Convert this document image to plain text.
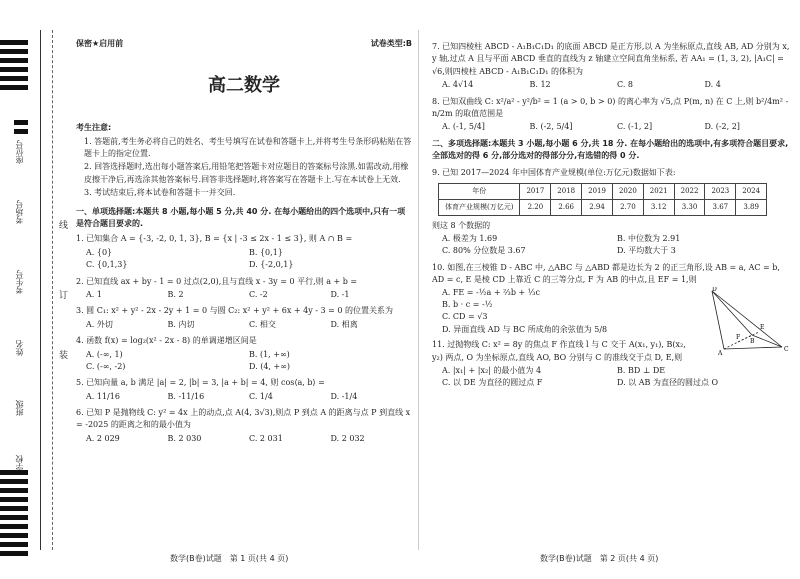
座位号
考场号
考生号
姓名
班级
学校
线
订
装
保密★启用前	试卷类型:B
高二数学
考生注意:

1. 答题前,考生务必将自己的姓名、考生号填写在试卷和答题卡上,并将考生号条形码粘贴在答题卡上的指定位置.

2. 回答选择题时,选出每小题答案后,用铅笔把答题卡对应题目的答案标号涂黑.如需改动,用橡皮擦干净后,再选涂其他答案标号.回答非选择题时,将答案写在答题卡上.写在本试卷上无效.

3. 考试结束后,将本试卷和答题卡一并交回.

一、单项选择题:本题共 8 小题,每小题 5 分,共 40 分. 在每小题给出的四个选项中,只有一项是符合题目要求的.
1. 已知集合 A = {-3, -2, 0, 1, 3}, B = {x | -3 ≤ 2x - 1 ≤ 3}, 则 A ∩ B =
A. {0}	B. {0,1}
C. {0,1,3}	D. {-2,0,1}
2. 已知直线 ax + by - 1 = 0 过点(2,0),且与直线 x - 3y = 0 平行,则 a + b =
A. 1	B. 2	C. -2	D. -1
3. 圆 C₁: x² + y² - 2x - 2y + 1 = 0 与圆 C₂: x² + y² + 6x + 4y - 3 = 0 的位置关系为
A. 外切	B. 内切	C. 相交	D. 相离
4. 函数 f(x) = log₂(x² - 2x - 8) 的单调递增区间是
A. (-∞, 1)	B. (1, +∞)
C. (-∞, -2)	D. (4, +∞)
5. 已知向量 a, b 满足 |a| = 2, |b| = 3, |a + b| = 4, 则 cos⟨a, b⟩ =
A. 11/16	B. -11/16	C. 1/4	D. -1/4
6. 已知 P 是抛物线 C: y² = 4x 上的动点,点 A(4, 3√3),则点 P 到点 A 的距离与点 P 到直线 x = -2025 的距离之和的最小值为
A. 2 029	B. 2 030	C. 2 031	D. 2 032
7. 已知四棱柱 ABCD - A₁B₁C₁D₁ 的底面 ABCD 是正方形,以 A 为坐标原点,直线 AB, AD 分别为 x, y 轴,过点 A 且与平面 ABCD 垂直的直线为 z 轴建立空间直角坐标系, 若 AA₁ = (1, 3, 2), |A₁C| = √6,则四棱柱 ABCD - A₁B₁C₁D₁ 的体积为
A. 4√14	B. 12	C. 8	D. 4
8. 已知双曲线 C: x²/a² - y²/b² = 1 (a > 0, b > 0) 的离心率为 √5,点 P(m, n) 在 C 上,则 b²/4m² - n/2m 的取值范围是
A. (-1, 5/4]	B. (-2, 5/4]	C. (-1, 2]	D. (-2, 2]
二、多项选择题:本题共 3 小题,每小题 6 分,共 18 分. 在每小题给出的选项中,有多项符合题目要求,全部选对的得 6 分,部分选对的得部分分,有选错的得 0 分.
9. 已知 2017—2024 年中国体育产业规模(单位:万亿元)数据如下表:
年份	2017	2018	2019	2020	2021	2022	2023	2024
体育产业规模(万亿元)	2.20	2.66	2.94	2.70	3.12	3.30	3.67	3.89
则这 8 个数据的
A. 极差为 1.69	B. 中位数为 2.91
C. 80% 分位数是 3.67	D. 平均数大于 3
10. 如图,在三棱锥 D - ABC 中, △ABC 与 △ABD 都是边长为 2 的正三角形,设 AB = a, AC = b, AD = c, E 是棱 CD 上靠近 C 的三等分点, F 为 AB 的中点,且 EF = 1,则
D
A
B
C
E
F
A. FE = -½a + ⅔b + ⅓c
B. b · c = -½
C. CD = √3
D. 异面直线 AD 与 BC 所成角的余弦值为 5/8
11. 过抛物线 C: x² = 8y 的焦点 F 作直线 l 与 C 交于 A(x₁, y₁), B(x₂, y₂) 两点, O 为坐标原点,直线 AO, BO 分别与 C 的准线交于点 D, E,则
A. |x₁| + |x₂| 的最小值为 4	B. BD ⊥ DE
C. 以 DE 为直径的圆过点 F	D. 以 AB 为直径的圆过点 O
数学(B卷)试题　第 1 页(共 4 页)	数学(B卷)试题　第 2 页(共 4 页)
